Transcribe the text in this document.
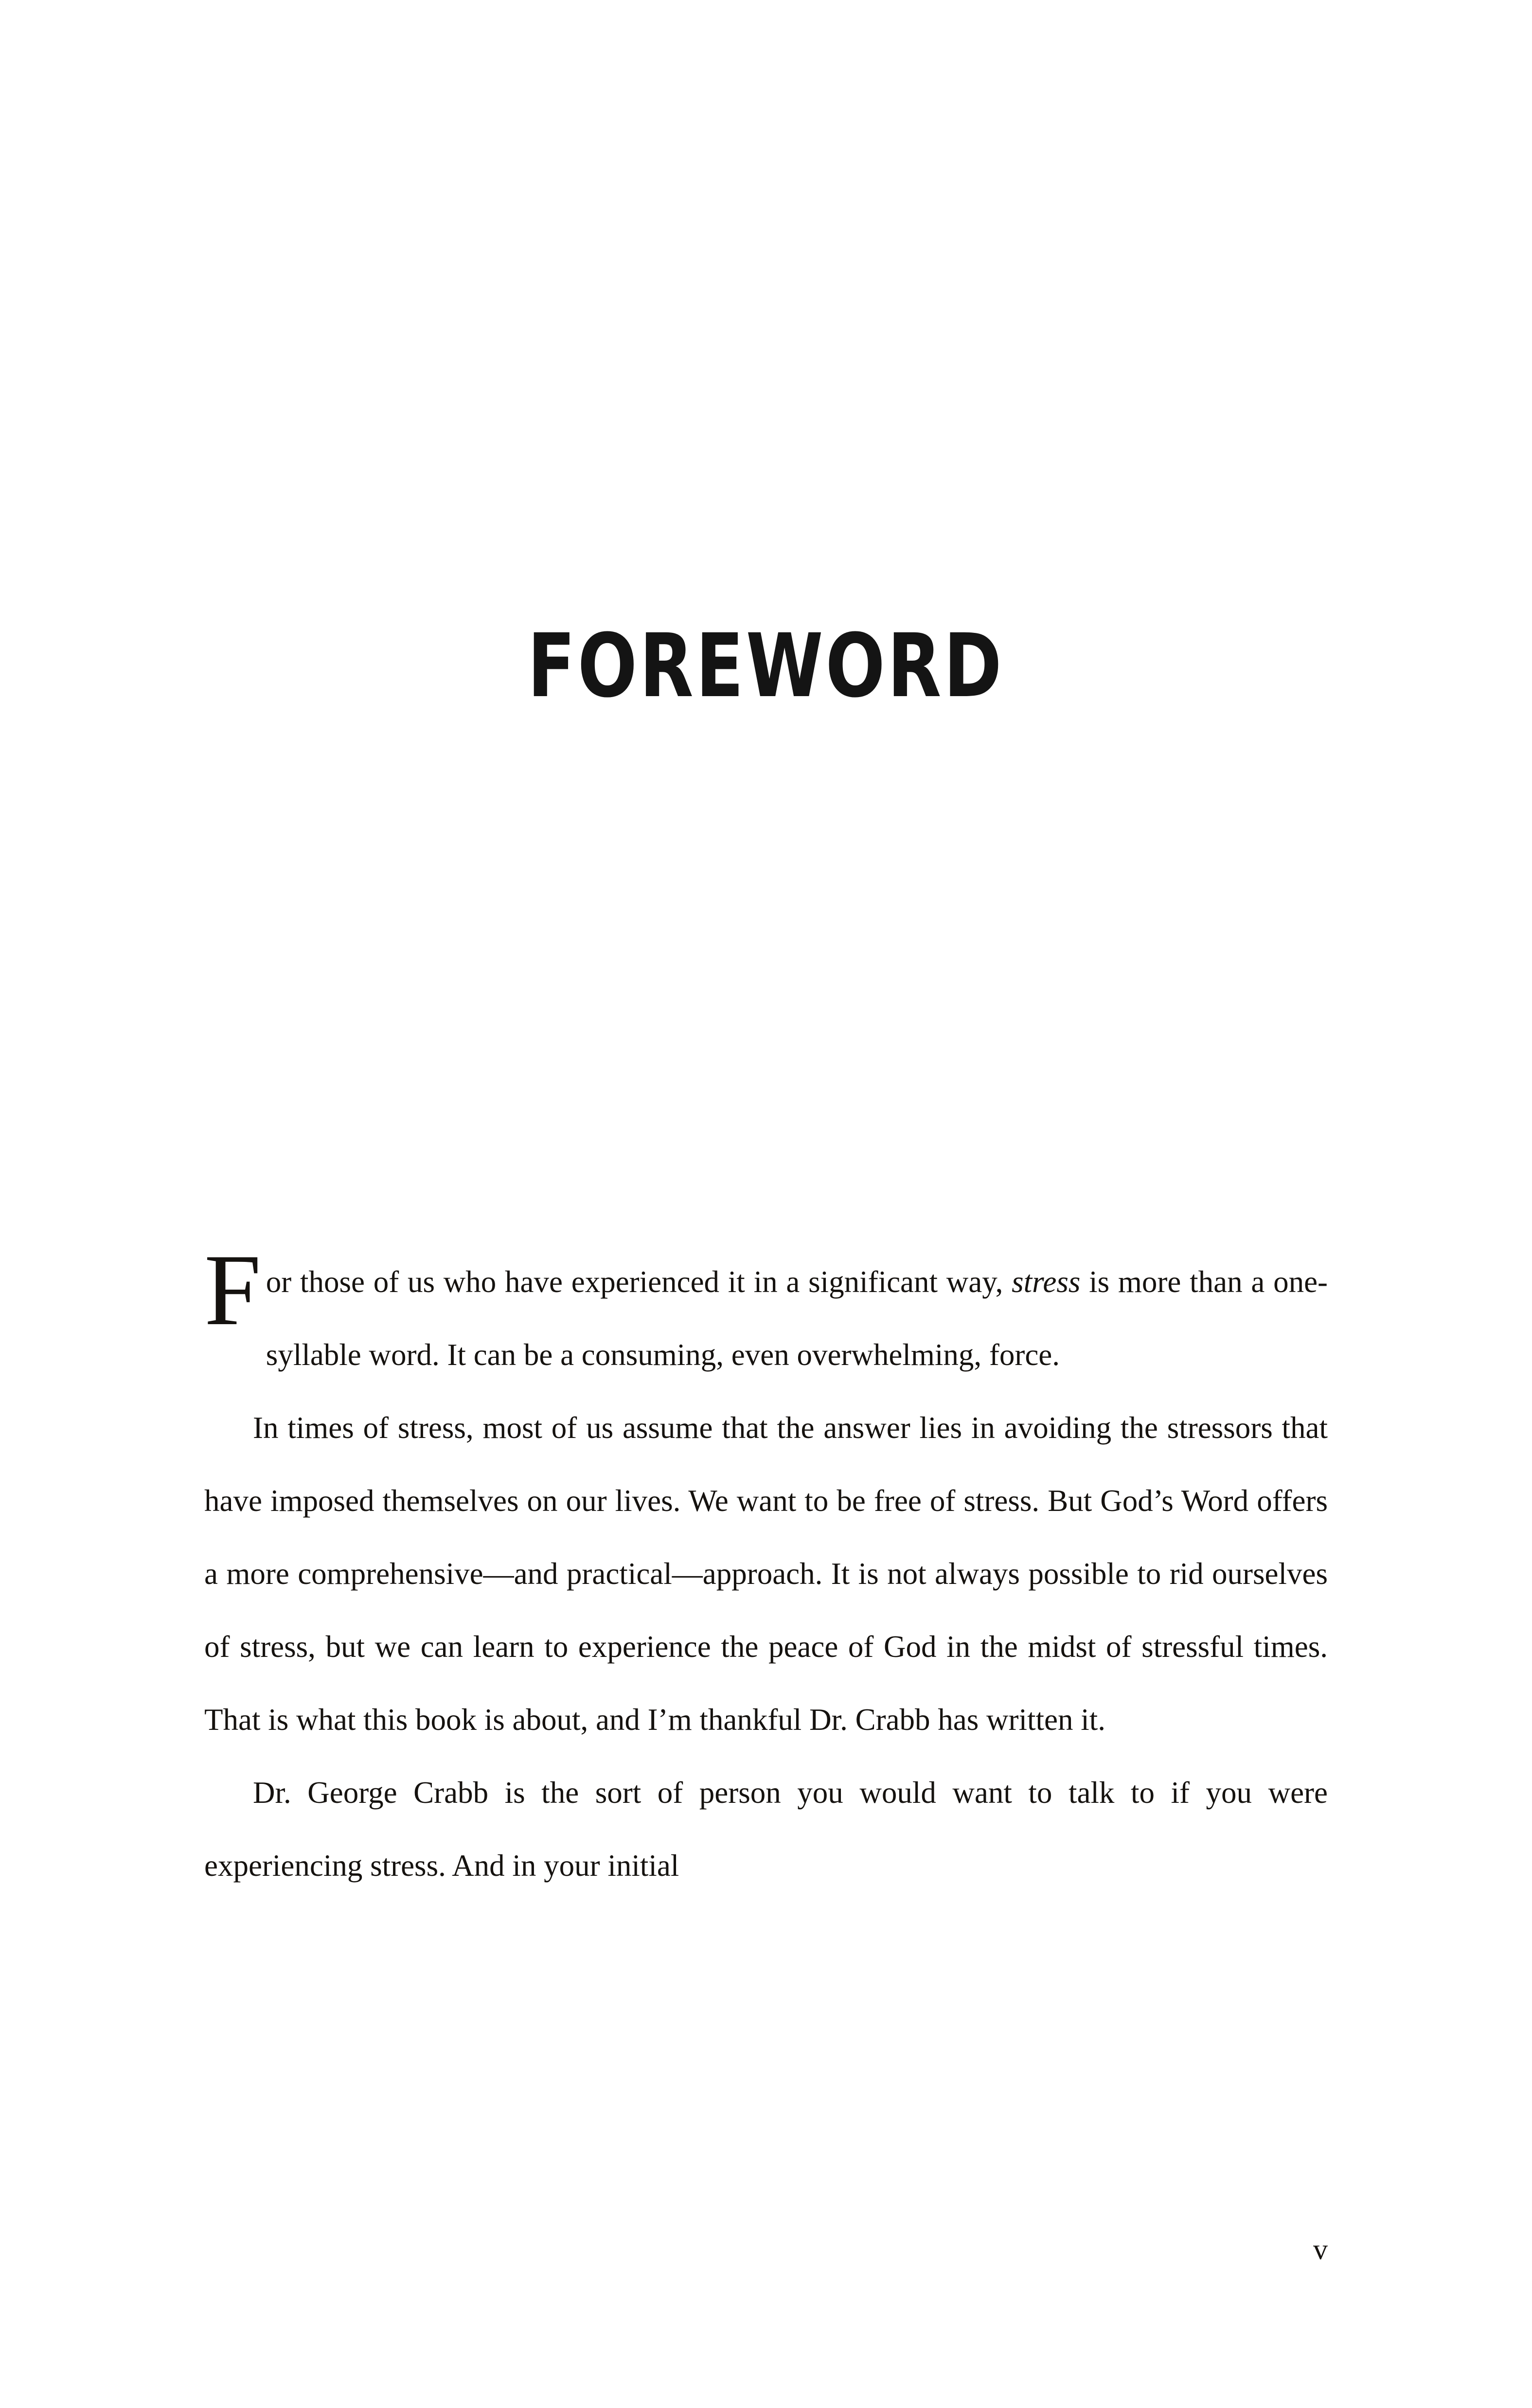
FOREWORD

For those of us who have experienced it in a significant way, stress is more than a one-syllable word. It can be a consuming, even overwhelming, force.

In times of stress, most of us assume that the answer lies in avoiding the stressors that have imposed themselves on our lives. We want to be free of stress. But God’s Word offers a more comprehensive—and practical—approach. It is not always possible to rid ourselves of stress, but we can learn to experience the peace of God in the midst of stressful times. That is what this book is about, and I’m thankful Dr. Crabb has written it.

Dr. George Crabb is the sort of person you would want to talk to if you were experiencing stress. And in your initial

v
